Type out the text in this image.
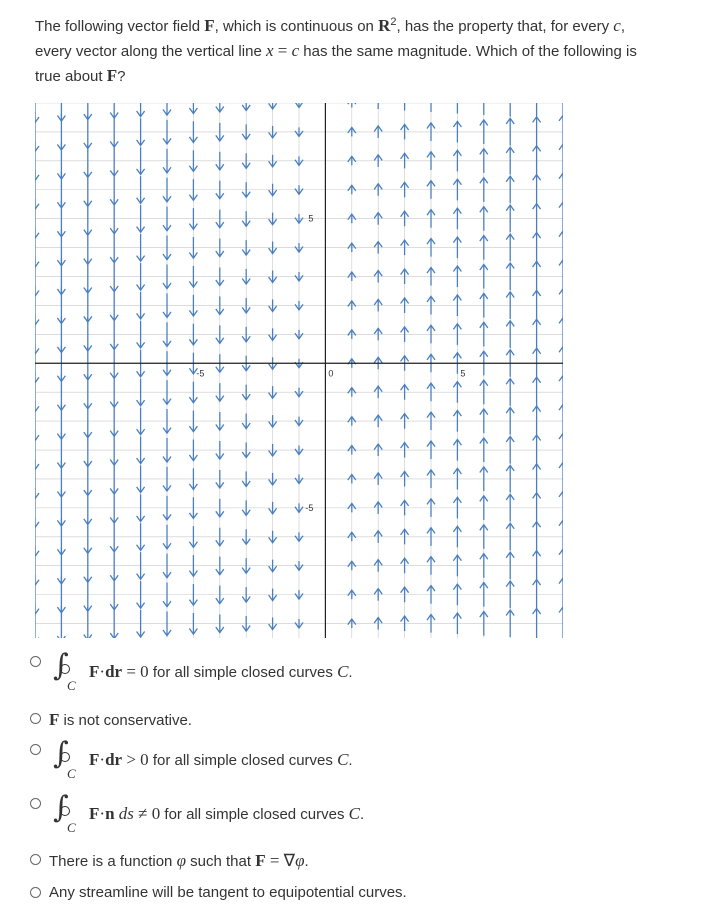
The following vector field F, which is continuous on $R^2$, has the property that, for every c,
every vector along the vertical line x = c has the same magnitude. Which of the following is
true about F?
-5	0	5
5
-5
∫
C
F · dr = 0 for all simple closed curves C .
F is not conservative.
∫
C
F · dr > 0 for all simple closed curves C .
∫
C
F · n ds ≠ 0 for all simple closed curves C .
There is a function φ such that F = ∇φ.
Any streamline will be tangent to equipotential curves.
